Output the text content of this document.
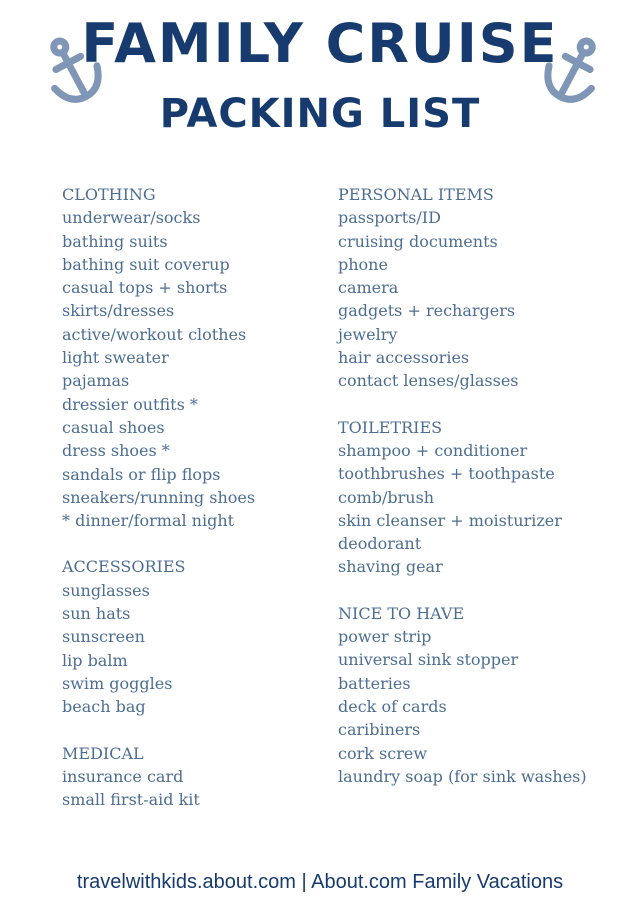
FAMILY CRUISE
PACKING LIST
CLOTHING
underwear/socks
bathing suits
bathing suit coverup
casual tops + shorts
skirts/dresses
active/workout clothes
light sweater
pajamas
dressier outfits *
casual shoes
dress shoes *
sandals or flip flops
sneakers/running shoes
* dinner/formal night
ACCESSORIES
sunglasses
sun hats
sunscreen
lip balm
swim goggles
beach bag
MEDICAL
insurance card
small first-aid kit
PERSONAL ITEMS
passports/ID
cruising documents
phone
camera
gadgets + rechargers
jewelry
hair accessories
contact lenses/glasses
TOILETRIES
shampoo + conditioner
toothbrushes + toothpaste
comb/brush
skin cleanser + moisturizer
deodorant
shaving gear
NICE TO HAVE
power strip
universal sink stopper
batteries
deck of cards
caribiners
cork screw
laundry soap (for sink washes)
travelwithkids.about.com | About.com Family Vacations
